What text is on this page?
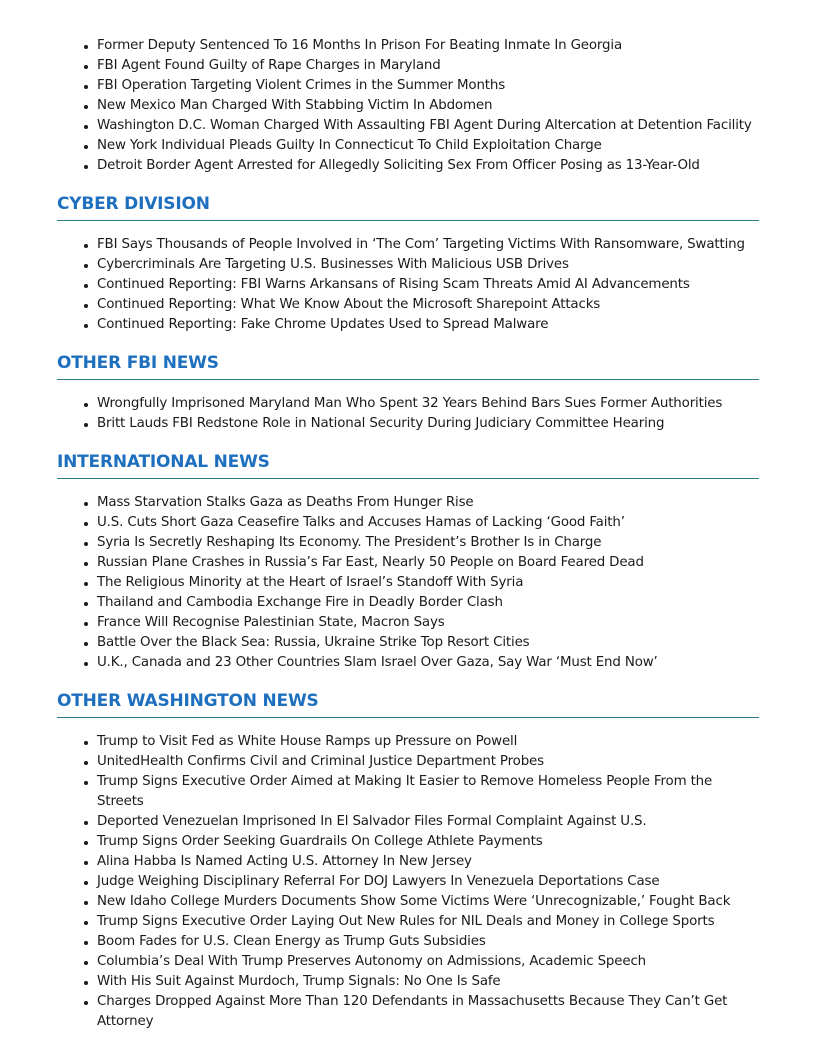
Former Deputy Sentenced To 16 Months In Prison For Beating Inmate In Georgia
FBI Agent Found Guilty of Rape Charges in Maryland
FBI Operation Targeting Violent Crimes in the Summer Months
New Mexico Man Charged With Stabbing Victim In Abdomen
Washington D.C. Woman Charged With Assaulting FBI Agent During Altercation at Detention Facility
New York Individual Pleads Guilty In Connecticut To Child Exploitation Charge
Detroit Border Agent Arrested for Allegedly Soliciting Sex From Officer Posing as 13-Year-Old
CYBER DIVISION
FBI Says Thousands of People Involved in ‘The Com’ Targeting Victims With Ransomware, Swatting
Cybercriminals Are Targeting U.S. Businesses With Malicious USB Drives
Continued Reporting: FBI Warns Arkansans of Rising Scam Threats Amid AI Advancements
Continued Reporting: What We Know About the Microsoft Sharepoint Attacks
Continued Reporting: Fake Chrome Updates Used to Spread Malware
OTHER FBI NEWS
Wrongfully Imprisoned Maryland Man Who Spent 32 Years Behind Bars Sues Former Authorities
Britt Lauds FBI Redstone Role in National Security During Judiciary Committee Hearing
INTERNATIONAL NEWS
Mass Starvation Stalks Gaza as Deaths From Hunger Rise
U.S. Cuts Short Gaza Ceasefire Talks and Accuses Hamas of Lacking ‘Good Faith’
Syria Is Secretly Reshaping Its Economy. The President’s Brother Is in Charge
Russian Plane Crashes in Russia’s Far East, Nearly 50 People on Board Feared Dead
The Religious Minority at the Heart of Israel’s Standoff With Syria
Thailand and Cambodia Exchange Fire in Deadly Border Clash
France Will Recognise Palestinian State, Macron Says
Battle Over the Black Sea: Russia, Ukraine Strike Top Resort Cities
U.K., Canada and 23 Other Countries Slam Israel Over Gaza, Say War ‘Must End Now’
OTHER WASHINGTON NEWS
Trump to Visit Fed as White House Ramps up Pressure on Powell
UnitedHealth Confirms Civil and Criminal Justice Department Probes
Trump Signs Executive Order Aimed at Making It Easier to Remove Homeless People From the Streets
Deported Venezuelan Imprisoned In El Salvador Files Formal Complaint Against U.S.
Trump Signs Order Seeking Guardrails On College Athlete Payments
Alina Habba Is Named Acting U.S. Attorney In New Jersey
Judge Weighing Disciplinary Referral For DOJ Lawyers In Venezuela Deportations Case
New Idaho College Murders Documents Show Some Victims Were ‘Unrecognizable,’ Fought Back
Trump Signs Executive Order Laying Out New Rules for NIL Deals and Money in College Sports
Boom Fades for U.S. Clean Energy as Trump Guts Subsidies
Columbia’s Deal With Trump Preserves Autonomy on Admissions, Academic Speech
With His Suit Against Murdoch, Trump Signals: No One Is Safe
Charges Dropped Against More Than 120 Defendants in Massachusetts Because They Can’t Get Attorney
